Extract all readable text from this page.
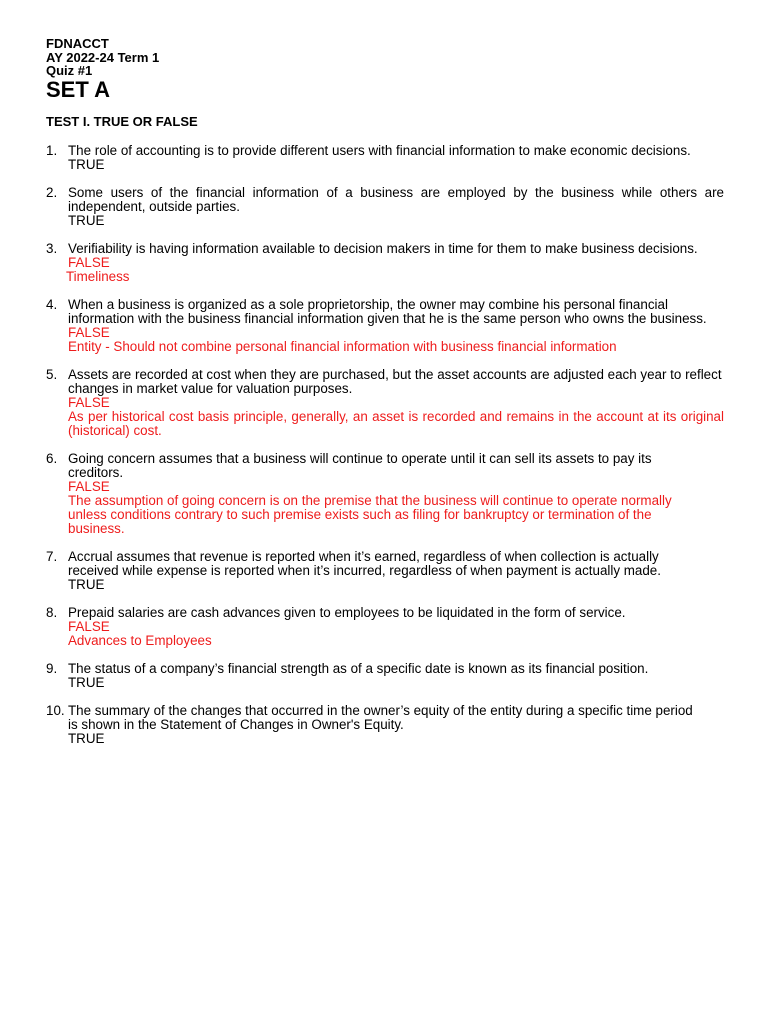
FDNACCT
AY 2022-24 Term 1
Quiz #1
SET A
TEST I. TRUE OR FALSE
1. The role of accounting is to provide different users with financial information to make economic decisions.
TRUE
2. Some users of the financial information of a business are employed by the business while others are independent, outside parties.
TRUE
3. Verifiability is having information available to decision makers in time for them to make business decisions.
FALSE
Timeliness
4. When a business is organized as a sole proprietorship, the owner may combine his personal financial information with the business financial information given that he is the same person who owns the business.
FALSE
Entity - Should not combine personal financial information with business financial information
5. Assets are recorded at cost when they are purchased, but the asset accounts are adjusted each year to reflect changes in market value for valuation purposes.
FALSE
As per historical cost basis principle, generally, an asset is recorded and remains in the account at its original (historical) cost.
6. Going concern assumes that a business will continue to operate until it can sell its assets to pay its creditors.
FALSE
The assumption of going concern is on the premise that the business will continue to operate normally unless conditions contrary to such premise exists such as filing for bankruptcy or termination of the business.
7. Accrual assumes that revenue is reported when it’s earned, regardless of when collection is actually received while expense is reported when it’s incurred, regardless of when payment is actually made.
TRUE
8. Prepaid salaries are cash advances given to employees to be liquidated in the form of service.
FALSE
Advances to Employees
9. The status of a company’s financial strength as of a specific date is known as its financial position.
TRUE
10. The summary of the changes that occurred in the owner’s equity of the entity during a specific time period is shown in the Statement of Changes in Owner's Equity.
TRUE
